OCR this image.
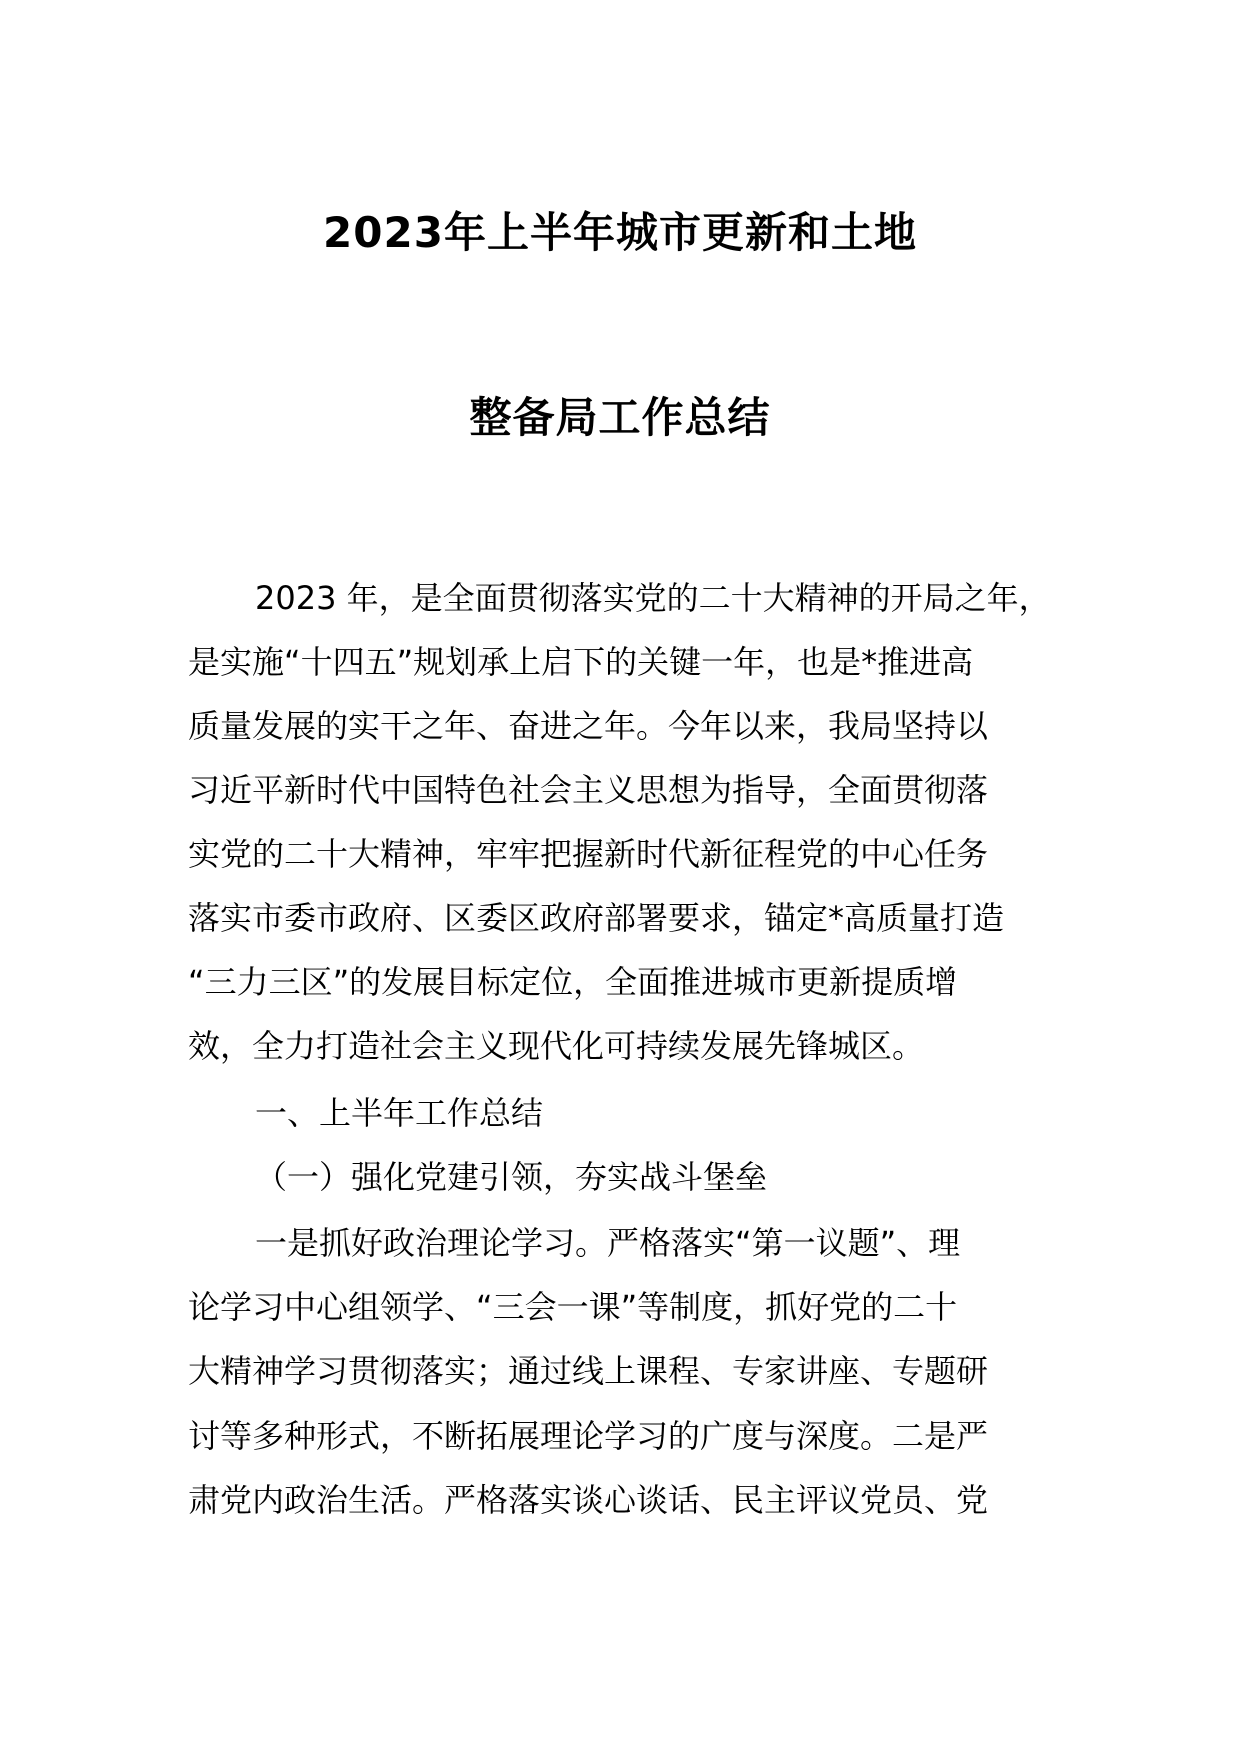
2023年上半年城市更新和土地
整备局工作总结
2023 年，是全面贯彻落实党的二十大精神的开局之年，
是实施“十四五”规划承上启下的关键一年，也是*推进高
质量发展的实干之年、奋进之年。今年以来，我局坚持以
习近平新时代中国特色社会主义思想为指导，全面贯彻落
实党的二十大精神，牢牢把握新时代新征程党的中心任务
落实市委市政府、区委区政府部署要求，锚定*高质量打造
“三力三区”的发展目标定位，全面推进城市更新提质增
效，全力打造社会主义现代化可持续发展先锋城区。
一、上半年工作总结
（一）强化党建引领，夯实战斗堡垒
一是抓好政治理论学习。严格落实“第一议题”、理
论学习中心组领学、“三会一课”等制度，抓好党的二十
大精神学习贯彻落实；通过线上课程、专家讲座、专题研
讨等多种形式，不断拓展理论学习的广度与深度。二是严
肃党内政治生活。严格落实谈心谈话、民主评议党员、党
